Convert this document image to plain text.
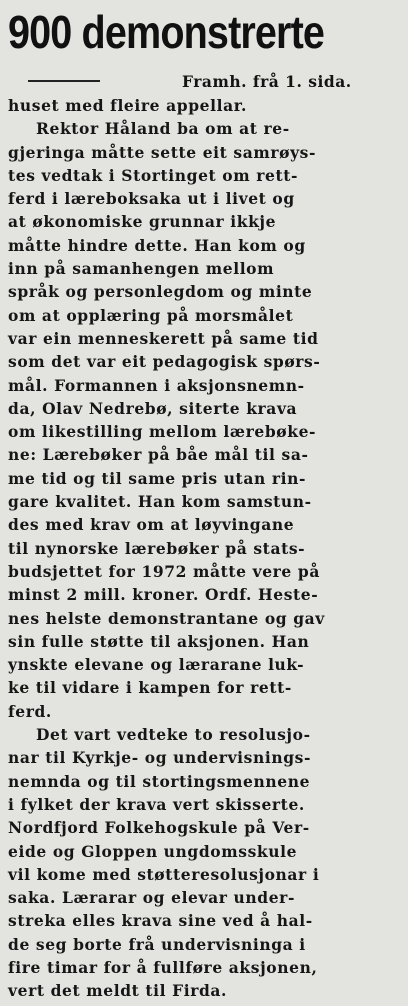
900 demonstrerte
Framh. frå 1. sida.
huset med fleire appellar.
Rektor Håland ba om at re-
gjeringa måtte sette eit samrøys-
tes vedtak i Stortinget om rett-
ferd i læreboksaka ut i livet og
at økonomiske grunnar ikkje
måtte hindre dette. Han kom og
inn på samanhengen mellom
språk og personlegdom og minte
om at opplæring på morsmålet
var ein menneskerett på same tid
som det var eit pedagogisk spørs-
mål. Formannen i aksjonsnemn-
da, Olav Nedrebø, siterte krava
om likestilling mellom lærebøke-
ne: Lærebøker på båe mål til sa-
me tid og til same pris utan rin-
gare kvalitet. Han kom samstun-
des med krav om at løyvingane
til nynorske lærebøker på stats-
budsjettet for 1972 måtte vere på
minst 2 mill. kroner. Ordf. Heste-
nes helste demonstrantane og gav
sin fulle støtte til aksjonen. Han
ynskte elevane og lærarane luk-
ke til vidare i kampen for rett-
ferd.
Det vart vedteke to resolusjo-
nar til Kyrkje- og undervisnings-
nemnda og til stortingsmennene
i fylket der krava vert skisserte.
Nordfjord Folkehogskule på Ver-
eide og Gloppen ungdomsskule
vil kome med støtteresolusjonar i
saka. Lærarar og elevar under-
streka elles krava sine ved å hal-
de seg borte frå undervisninga i
fire timar for å fullføre aksjonen,
vert det meldt til Firda.
